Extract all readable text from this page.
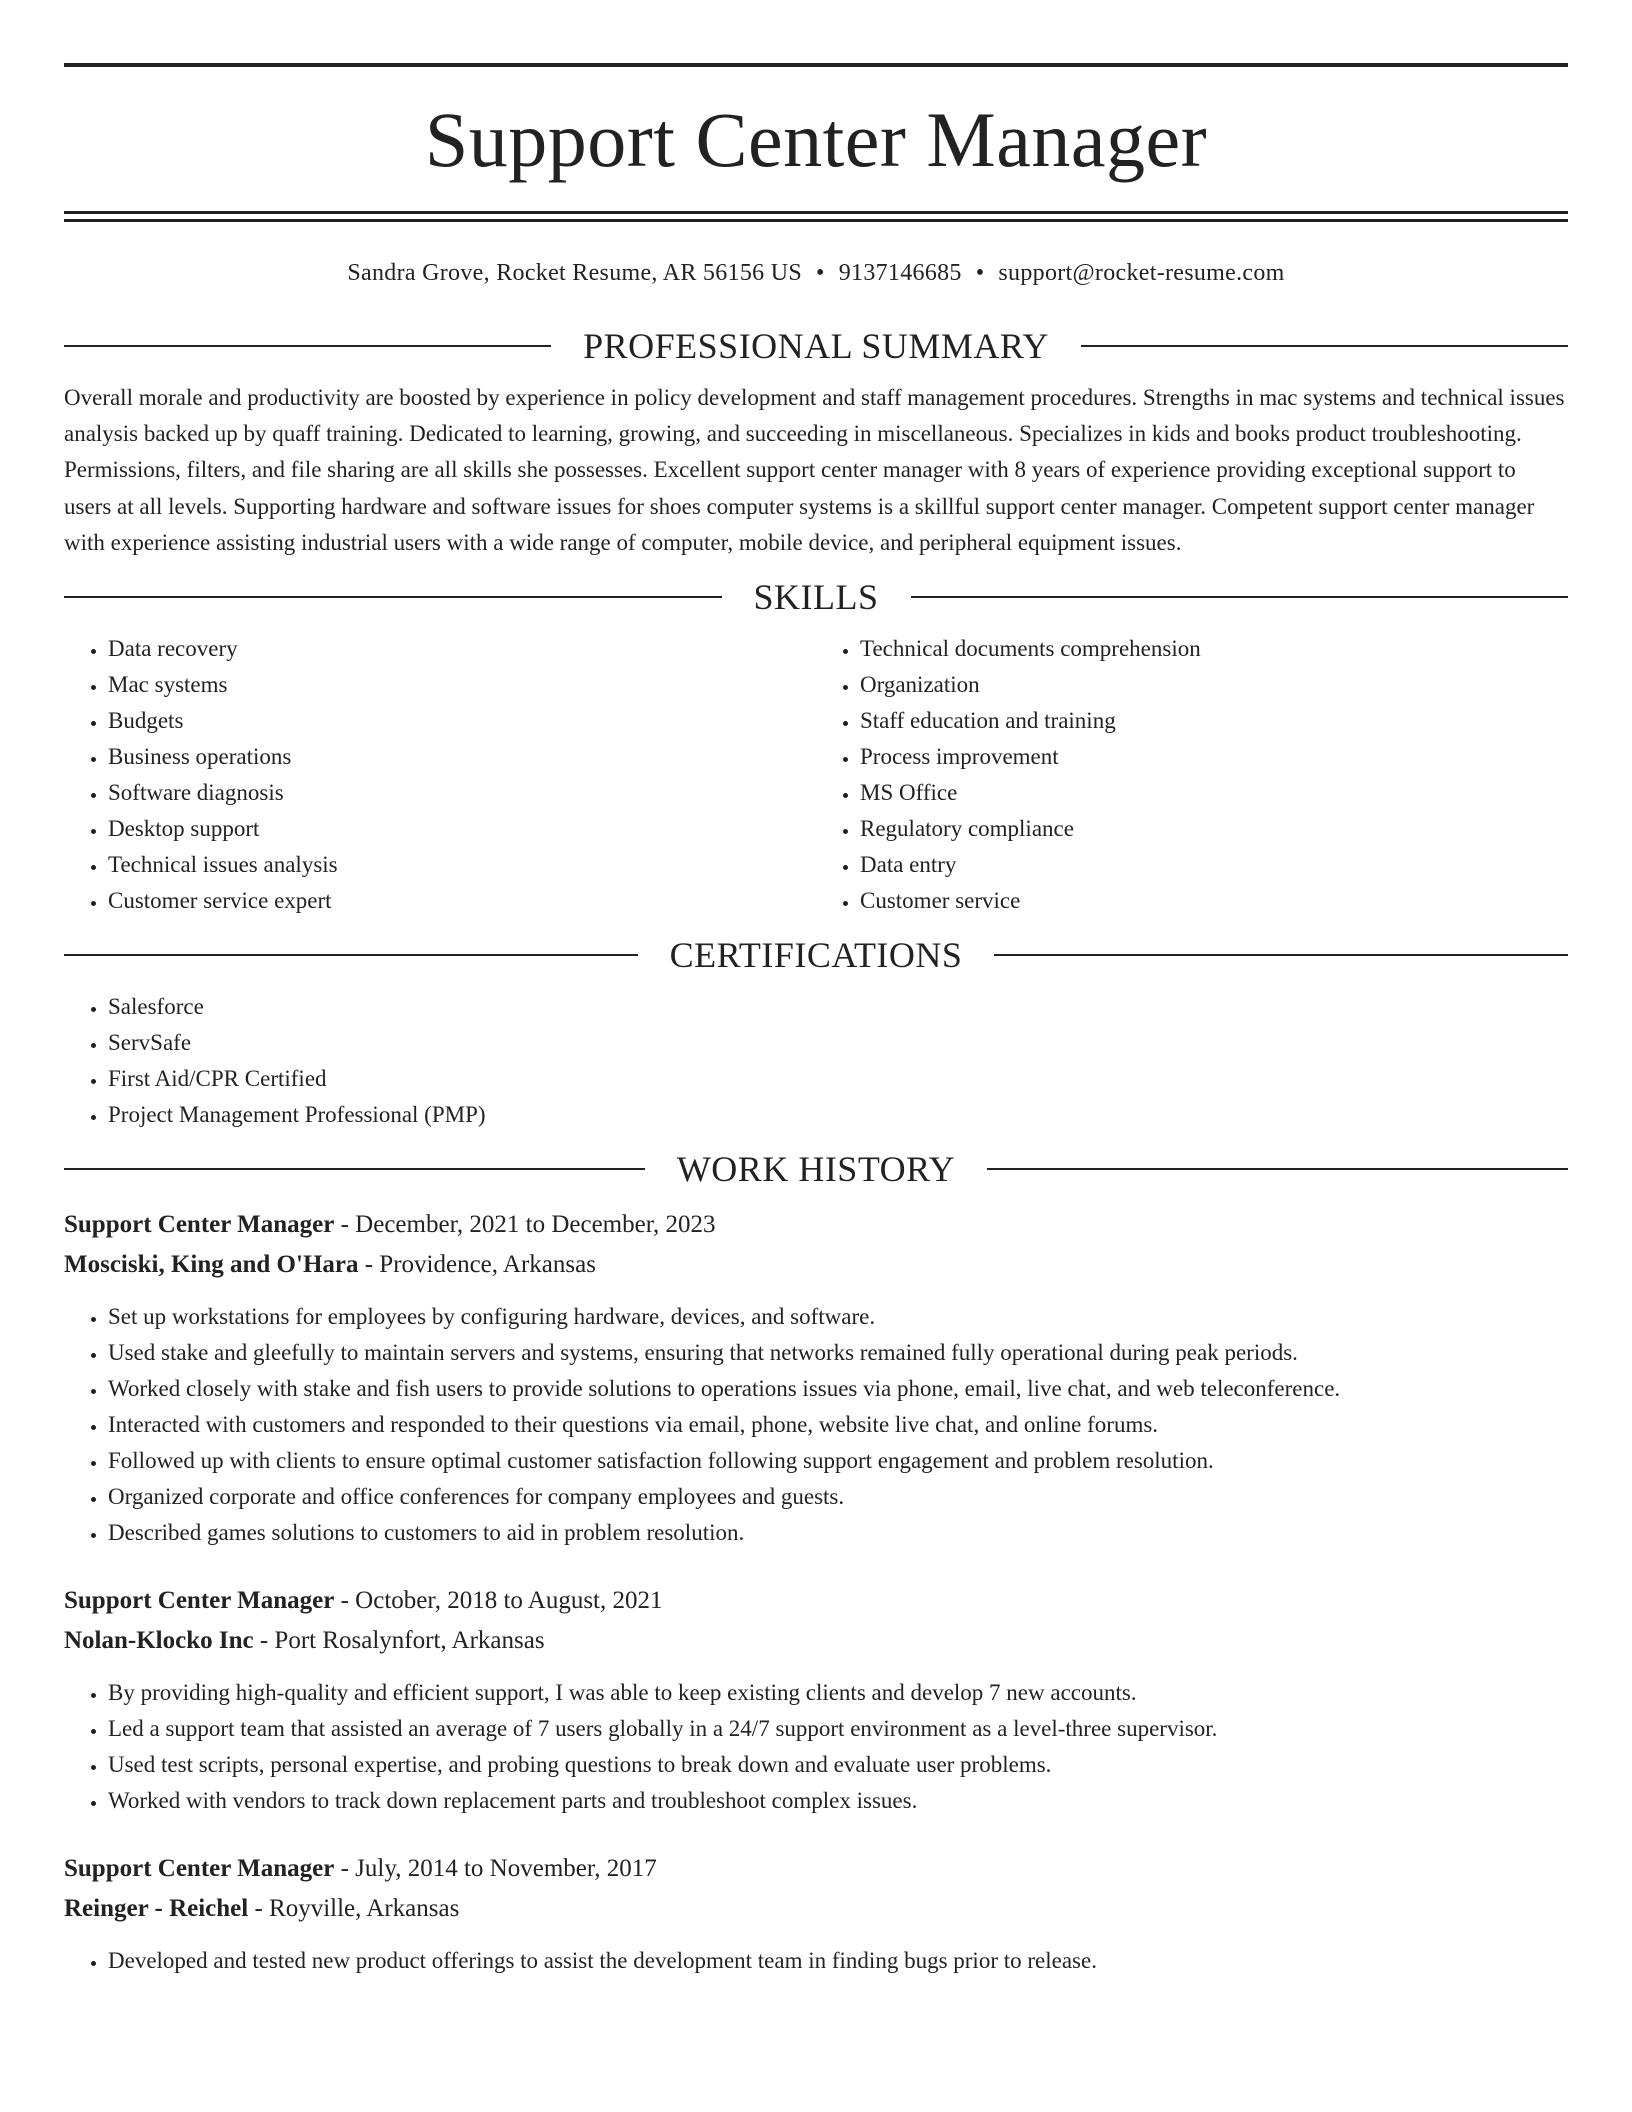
Support Center Manager
Sandra Grove, Rocket Resume, AR 56156 US • 9137146685 • support@rocket-resume.com
PROFESSIONAL SUMMARY

Overall morale and productivity are boosted by experience in policy development and staff management procedures. Strengths in mac systems and technical issues analysis backed up by quaff training. Dedicated to learning, growing, and succeeding in miscellaneous. Specializes in kids and books product troubleshooting. Permissions, filters, and file sharing are all skills she possesses. Excellent support center manager with 8 years of experience providing exceptional support to users at all levels. Supporting hardware and software issues for shoes computer systems is a skillful support center manager. Competent support center manager with experience assisting industrial users with a wide range of computer, mobile device, and peripheral equipment issues.

SKILLS
• Data recovery
• Mac systems
• Budgets
• Business operations
• Software diagnosis
• Desktop support
• Technical issues analysis
• Customer service expert
• Technical documents comprehension
• Organization
• Staff education and training
• Process improvement
• MS Office
• Regulatory compliance
• Data entry
• Customer service
CERTIFICATIONS
• Salesforce
• ServSafe
• First Aid/CPR Certified
• Project Management Professional (PMP)
WORK HISTORY
Support Center Manager - December, 2021 to December, 2023
Mosciski, King and O'Hara - Providence, Arkansas
• Set up workstations for employees by configuring hardware, devices, and software.
• Used stake and gleefully to maintain servers and systems, ensuring that networks remained fully operational during peak periods.
• Worked closely with stake and fish users to provide solutions to operations issues via phone, email, live chat, and web teleconference.
• Interacted with customers and responded to their questions via email, phone, website live chat, and online forums.
• Followed up with clients to ensure optimal customer satisfaction following support engagement and problem resolution.
• Organized corporate and office conferences for company employees and guests.
• Described games solutions to customers to aid in problem resolution.
Support Center Manager - October, 2018 to August, 2021
Nolan-Klocko Inc - Port Rosalynfort, Arkansas
• By providing high-quality and efficient support, I was able to keep existing clients and develop 7 new accounts.
• Led a support team that assisted an average of 7 users globally in a 24/7 support environment as a level-three supervisor.
• Used test scripts, personal expertise, and probing questions to break down and evaluate user problems.
• Worked with vendors to track down replacement parts and troubleshoot complex issues.
Support Center Manager - July, 2014 to November, 2017
Reinger - Reichel - Royville, Arkansas
• Developed and tested new product offerings to assist the development team in finding bugs prior to release.
